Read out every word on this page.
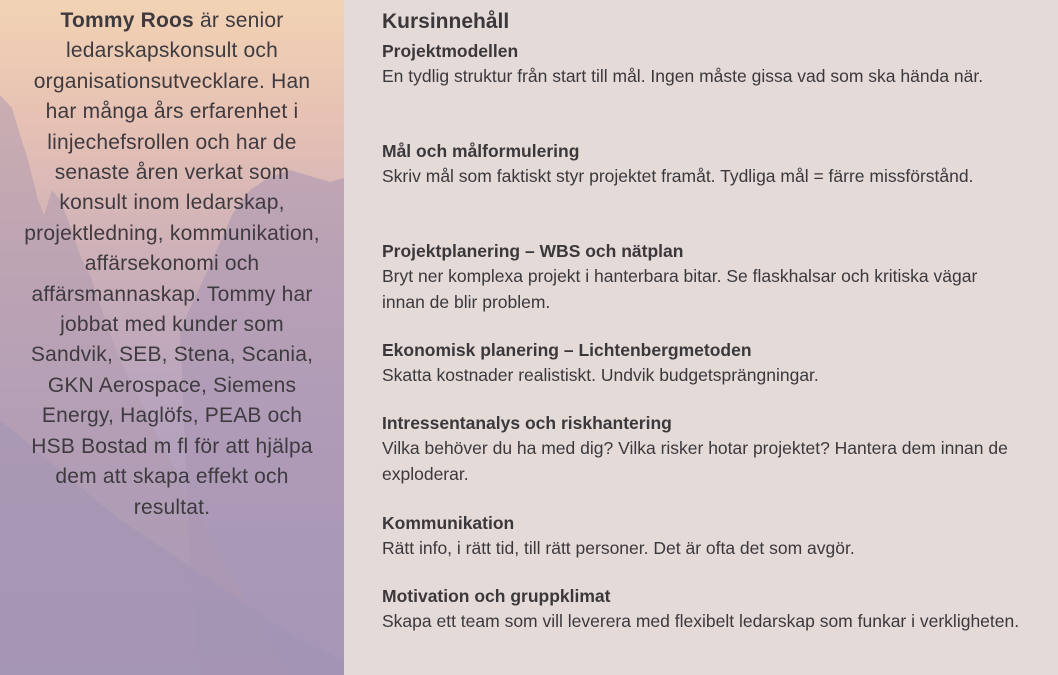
Tommy Roos är senior ledarskapskonsult och organisationsutvecklare. Han har många års erfarenhet i linjechefsrollen och har de senaste åren verkat som konsult inom ledarskap, projektledning, kommunikation, affärsekonomi och affärsmannaskap. Tommy har jobbat med kunder som Sandvik, SEB, Stena, Scania, GKN Aerospace, Siemens Energy, Haglöfs, PEAB och HSB Bostad m fl för att hjälpa dem att skapa effekt och resultat.
Kursinnehåll
Projektmodellen
En tydlig struktur från start till mål. Ingen måste gissa vad som ska hända när.
Mål och målformulering
Skriv mål som faktiskt styr projektet framåt. Tydliga mål = färre missförstånd.
Projektplanering – WBS och nätplan
Bryt ner komplexa projekt i hanterbara bitar. Se flaskhalsar och kritiska vägar innan de blir problem.
Ekonomisk planering – Lichtenbergmetoden
Skatta kostnader realistiskt. Undvik budgetsprängningar.
Intressentanalys och riskhantering
Vilka behöver du ha med dig? Vilka risker hotar projektet? Hantera dem innan de exploderar.
Kommunikation
Rätt info, i rätt tid, till rätt personer. Det är ofta det som avgör.
Motivation och gruppklimat
Skapa ett team som vill leverera med flexibelt ledarskap som funkar i verkligheten.
